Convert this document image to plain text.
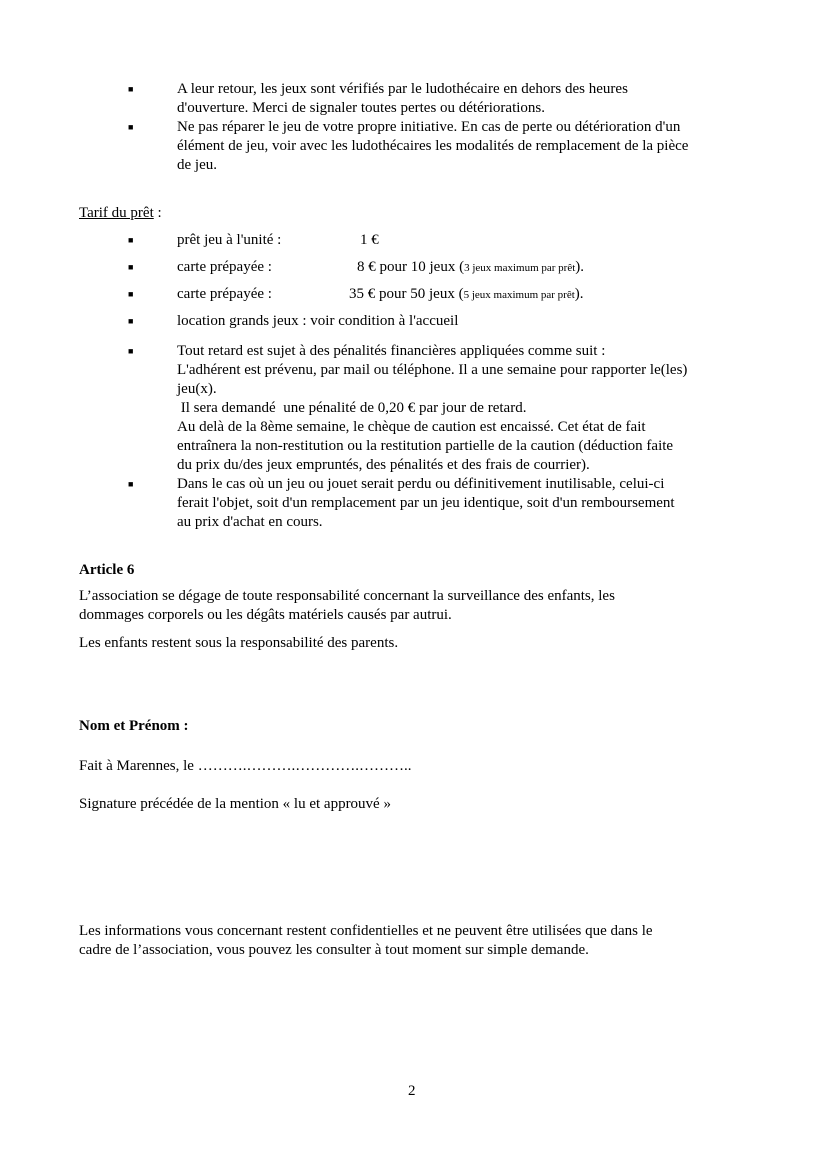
■	A leur retour, les jeux sont vérifiés par le ludothécaire en dehors des heures
d'ouverture. Merci de signaler toutes pertes ou détériorations.
■	Ne pas réparer le jeu de votre propre initiative. En cas de perte ou détérioration d'un
élément de jeu, voir avec les ludothécaires les modalités de remplacement de la pièce
de jeu.
Tarif du prêt :
■	prêt jeu à l'unité :	1 €
■	carte prépayée :	8 € pour 10 jeux (3 jeux maximum par prêt).
■	carte prépayée :	35 € pour 50 jeux (5 jeux maximum par prêt).
■	location grands jeux : voir condition à l'accueil
■	Tout retard est sujet à des pénalités financières appliquées comme suit :
L'adhérent est prévenu, par mail ou téléphone. Il a une semaine pour rapporter le(les)
jeu(x).
Il sera demandé  une pénalité de 0,20 € par jour de retard.
Au delà de la 8ème semaine, le chèque de caution est encaissé. Cet état de fait
entraînera la non-restitution ou la restitution partielle de la caution (déduction faite
du prix du/des jeux empruntés, des pénalités et des frais de courrier).
■	Dans le cas où un jeu ou jouet serait perdu ou définitivement inutilisable, celui-ci
ferait l'objet, soit d'un remplacement par un jeu identique, soit d'un remboursement
au prix d'achat en cours.
Article 6
L’association se dégage de toute responsabilité concernant la surveillance des enfants, les
dommages corporels ou les dégâts matériels causés par autrui.
Les enfants restent sous la responsabilité des parents.
Nom et Prénom :
Fait à Marennes, le ……….……….………….………..
Signature précédée de la mention « lu et approuvé »
Les informations vous concernant restent confidentielles et ne peuvent être utilisées que dans le
cadre de l’association, vous pouvez les consulter à tout moment sur simple demande.
2
